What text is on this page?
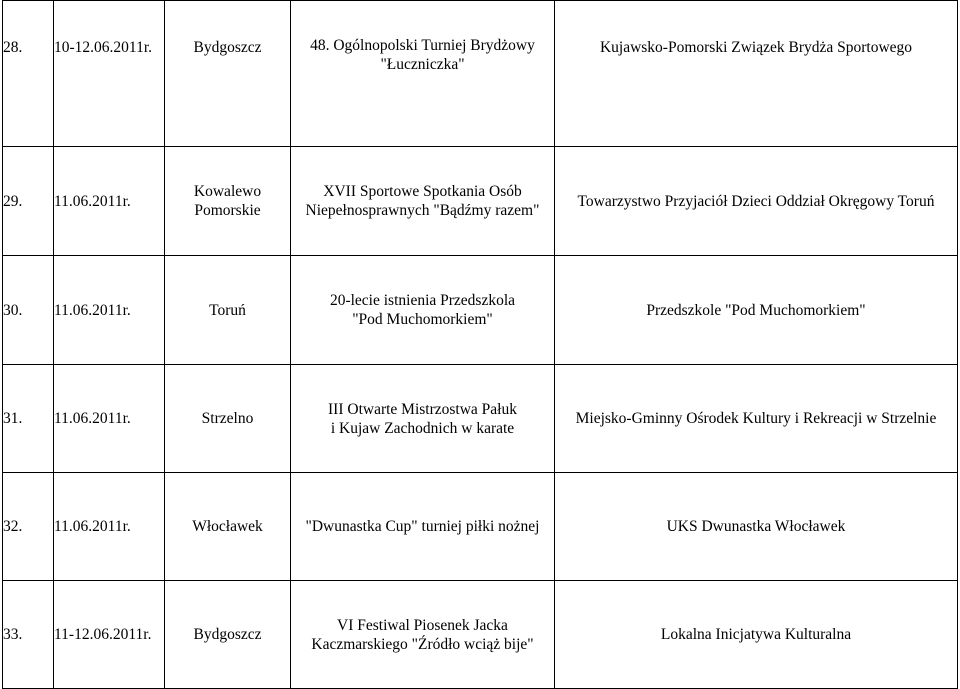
28.	10-12.06.2011r.	Bydgoszcz	48. Ogólnopolski Turniej Brydżowy
"Łuczniczka"	Kujawsko-Pomorski Związek Brydża Sportowego

29.	11.06.2011r.	Kowalewo
Pomorskie	XVII Sportowe Spotkania Osób
Niepełnosprawnych "Bądźmy razem"	Towarzystwo Przyjaciół Dzieci Oddział Okręgowy Toruń

30.	11.06.2011r.	Toruń	20-lecie istnienia Przedszkola
"Pod Muchomorkiem"	Przedszkole "Pod Muchomorkiem"

31.	11.06.2011r.	Strzelno	III Otwarte Mistrzostwa Pałuk
i Kujaw Zachodnich w karate	Miejsko-Gminny Ośrodek Kultury i Rekreacji w Strzelnie

32.	11.06.2011r.	Włocławek	"Dwunastka Cup" turniej piłki nożnej	UKS Dwunastka Włocławek

33.	11-12.06.2011r.	Bydgoszcz	VI Festiwal Piosenek Jacka
Kaczmarskiego "Źródło wciąż bije"	Lokalna Inicjatywa Kulturalna
